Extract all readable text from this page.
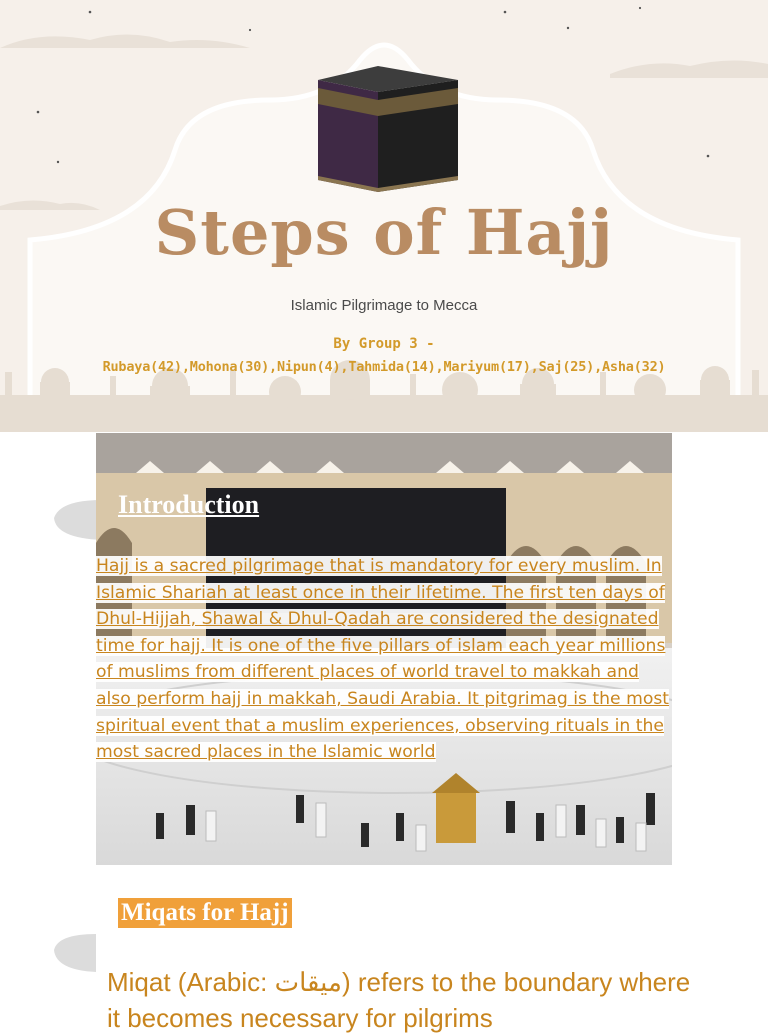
Steps of Hajj
Islamic Pilgrimage to Mecca
By Group 3 -
Rubaya(42),Mohona(30),Nipun(4),Tahmida(14),Mariyum(17),Saj(25),Asha(32)
Introduction

Hajj is a sacred pilgrimage that is mandatory for every muslim. In Islamic Shariah at least once in their lifetime. The first ten days of Dhul-Hijjah, Shawal & Dhul-Qadah are considered the designated time for hajj. It is one of the five pillars of islam each year millions of muslims from different places of world travel to makkah and also perform hajj in makkah, Saudi Arabia. It pitgrimag is the most spiritual event that a muslim experiences, observing rituals in the most sacred places in the Islamic world

Miqats for Hajj

Miqat (Arabic: ميقات) refers to the boundary where it becomes necessary for pilgrims
